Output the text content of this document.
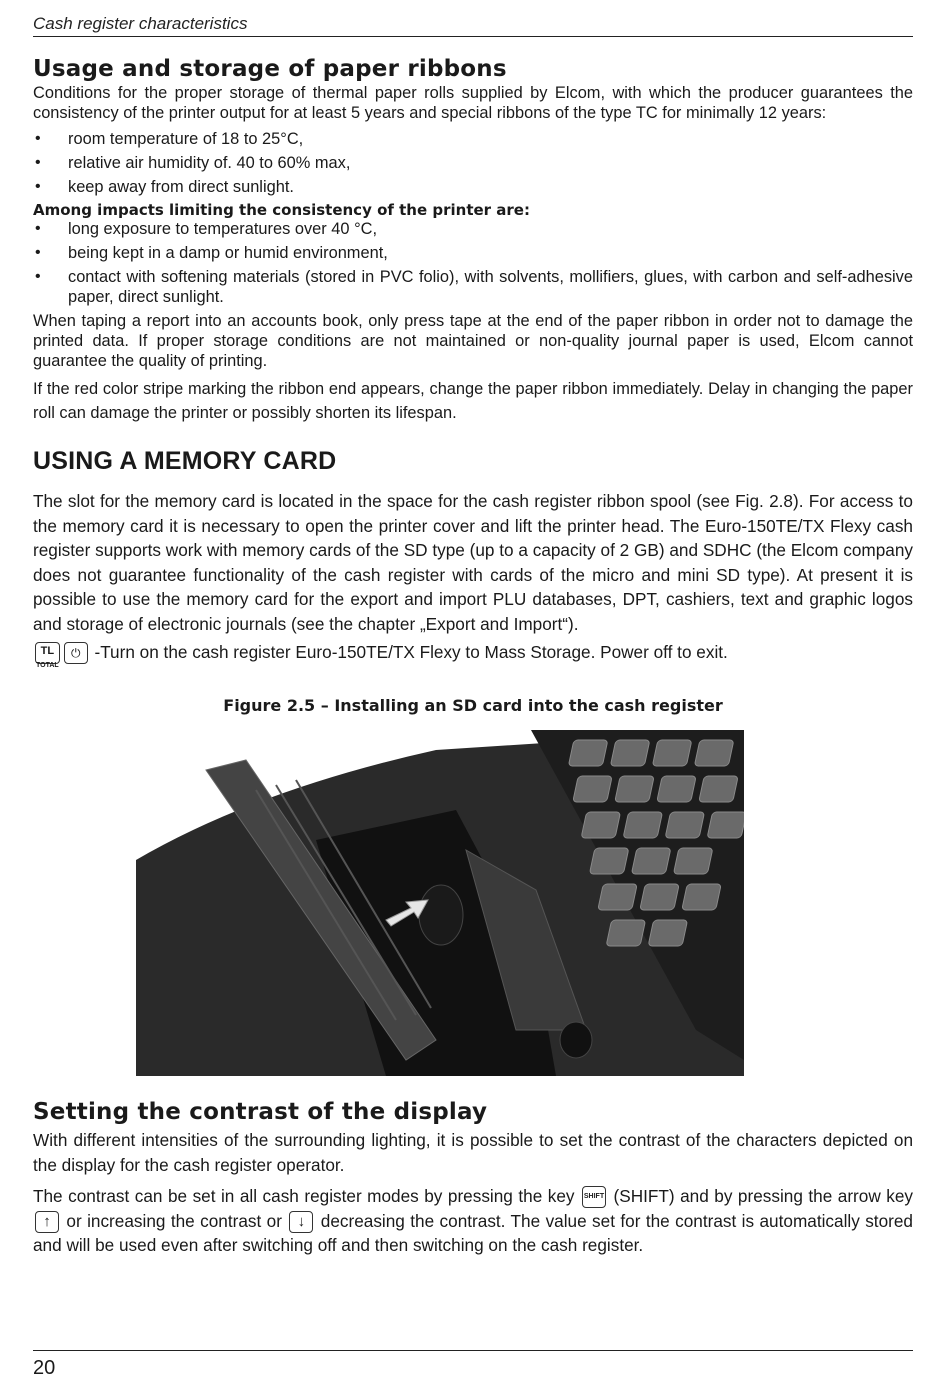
Cash register characteristics
Usage and storage of paper ribbons

Conditions for the proper storage of thermal paper rolls supplied by Elcom, with which the producer guarantees the consistency of the printer output for at least 5 years and special ribbons of the type TC for minimally 12 years:

• room temperature of 18 to 25°C,
• relative air humidity of. 40 to 60% max,
• keep away from direct sunlight.
Among impacts limiting the consistency of the printer are:
• long exposure to temperatures over 40 °C,
• being kept in a damp or humid environment,
• contact with softening materials (stored in PVC folio), with solvents, mollifiers, glues, with carbon and self-adhesive paper, direct sunlight.

When taping a report into an accounts book, only press tape at the end of the paper ribbon in order not to damage the printed data. If proper storage conditions are not maintained or non-quality journal paper is used, Elcom cannot guarantee the quality of printing.

If the red color stripe marking the ribbon end appears, change the paper ribbon immediately. Delay in changing the paper roll can damage the printer or possibly shorten its lifespan.

USING A MEMORY CARD

The slot for the memory card is located in the space for the cash register ribbon spool (see Fig. 2.8). For access to the memory card it is necessary to open the printer cover and lift the printer head. The Euro-150TE/TX Flexy cash register supports work with memory cards of the SD type (up to a capacity of 2 GB) and SDHC (the Elcom company does not guarantee functionality of the cash register with cards of the micro and mini SD type). At present it is possible to use the memory card for the export and import PLU databases, DPT, cashiers, text and graphic logos and storage of electronic journals (see the chapter „Export and Import“).

TL
TOTAL⏻ -Turn on the cash register Euro-150TE/TX Flexy to Mass Storage. Power off to exit.

Figure 2.5 – Installing an SD card into the cash register
Setting the contrast of the display

With different intensities of the surrounding lighting, it is possible to set the contrast of the characters depicted on the display for the cash register operator.

The contrast can be set in all cash register modes by pressing the key SHIFT (SHIFT) and by pressing the arrow key ↑ or increasing the contrast or ↓ decreasing the contrast. The value set for the contrast is automatically stored and will be used even after switching off and then switching on the cash register.

20
